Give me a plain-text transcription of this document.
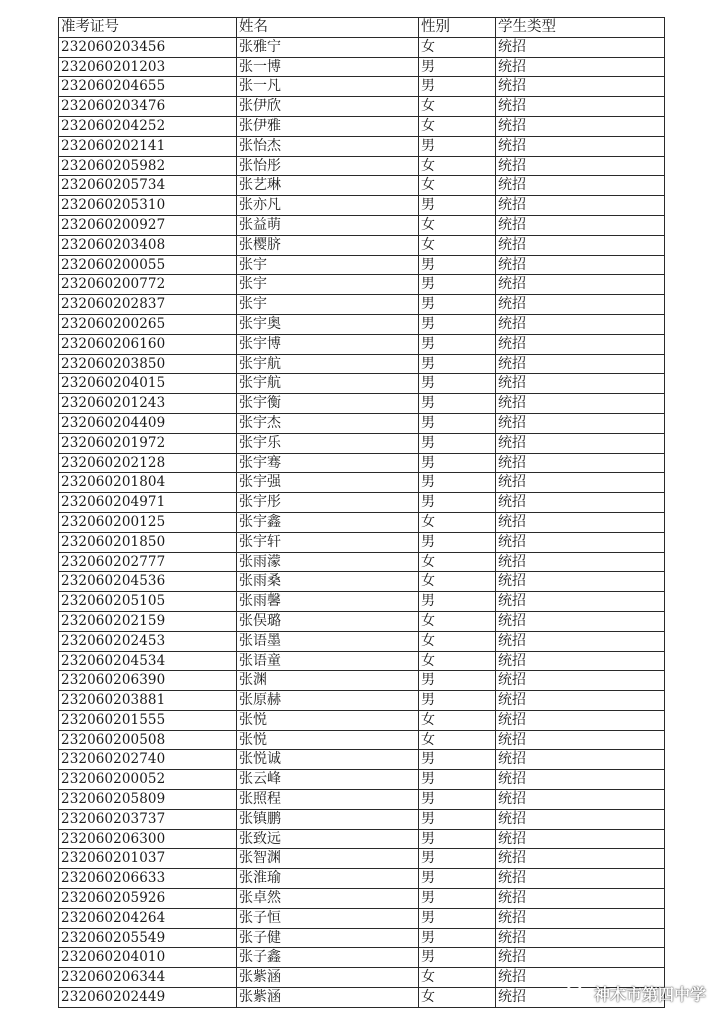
准考证号	姓名	性别	学生类型
232060203456	张雅宁	女	统招
232060201203	张一博	男	统招
232060204655	张一凡	男	统招
232060203476	张伊欣	女	统招
232060204252	张伊雅	女	统招
232060202141	张怡杰	男	统招
232060205982	张怡彤	女	统招
232060205734	张艺琳	女	统招
232060205310	张亦凡	男	统招
232060200927	张益萌	女	统招
232060203408	张樱脐	女	统招
232060200055	张宇	男	统招
232060200772	张宇	男	统招
232060202837	张宇	男	统招
232060200265	张宇奥	男	统招
232060206160	张宇博	男	统招
232060203850	张宇航	男	统招
232060204015	张宇航	男	统招
232060201243	张宇衡	男	统招
232060204409	张宇杰	男	统招
232060201972	张宇乐	男	统招
232060202128	张宇骞	男	统招
232060201804	张宇强	男	统招
232060204971	张宇彤	男	统招
232060200125	张宇鑫	女	统招
232060201850	张宇轩	男	统招
232060202777	张雨濛	女	统招
232060204536	张雨桑	女	统招
232060205105	张雨馨	男	统招
232060202159	张俣璐	女	统招
232060202453	张语墨	女	统招
232060204534	张语童	女	统招
232060206390	张渊	男	统招
232060203881	张原赫	男	统招
232060201555	张悦	女	统招
232060200508	张悦	女	统招
232060202740	张悦诚	男	统招
232060200052	张云峰	男	统招
232060205809	张照程	男	统招
232060203737	张镇鹏	男	统招
232060206300	张致远	男	统招
232060201037	张智渊	男	统招
232060206633	张淮瑜	男	统招
232060205926	张卓然	男	统招
232060204264	张子恒	男	统招
232060205549	张子健	男	统招
232060204010	张子鑫	男	统招
232060206344	张紫涵	女	统招
232060202449	张紫涵	女	统招	神木市第四中学
